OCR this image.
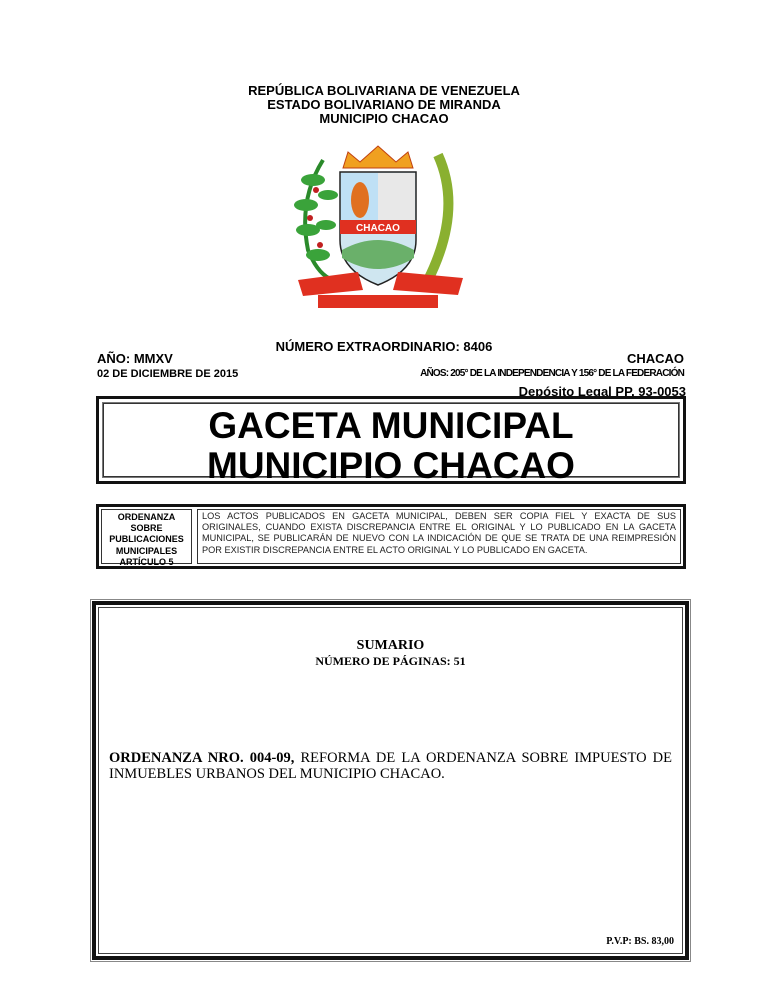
REPÚBLICA BOLIVARIANA DE VENEZUELA
ESTADO BOLIVARIANO DE MIRANDA
MUNICIPIO CHACAO
CHACAO
NÚMERO EXTRAORDINARIO: 8406
AÑO: MMXV	CHACAO
02 DE DICIEMBRE DE 2015	AÑOS: 205° DE LA INDEPENDENCIA Y 156° DE LA FEDERACIÓN
Depósito Legal PP. 93-0053
GACETA MUNICIPAL
MUNICIPIO CHACAO
ORDENANZA
SOBRE
PUBLICACIONES
MUNICIPALES
ARTÍCULO 5
LOS ACTOS PUBLICADOS EN GACETA MUNICIPAL, DEBEN SER COPIA FIEL Y EXACTA DE SUS ORIGINALES, CUANDO EXISTA DISCREPANCIA ENTRE EL ORIGINAL Y LO PUBLICADO EN LA GACETA MUNICIPAL, SE PUBLICARÁN DE NUEVO CON LA INDICACIÓN DE QUE SE TRATA DE UNA REIMPRESIÓN POR EXISTIR DISCREPANCIA ENTRE EL ACTO ORIGINAL Y LO PUBLICADO EN GACETA.
SUMARIO
NÚMERO DE PÁGINAS: 51
ORDENANZA NRO. 004-09, REFORMA DE LA ORDENANZA SOBRE IMPUESTO DE INMUEBLES URBANOS DEL MUNICIPIO CHACAO.
P.V.P: BS. 83,00
